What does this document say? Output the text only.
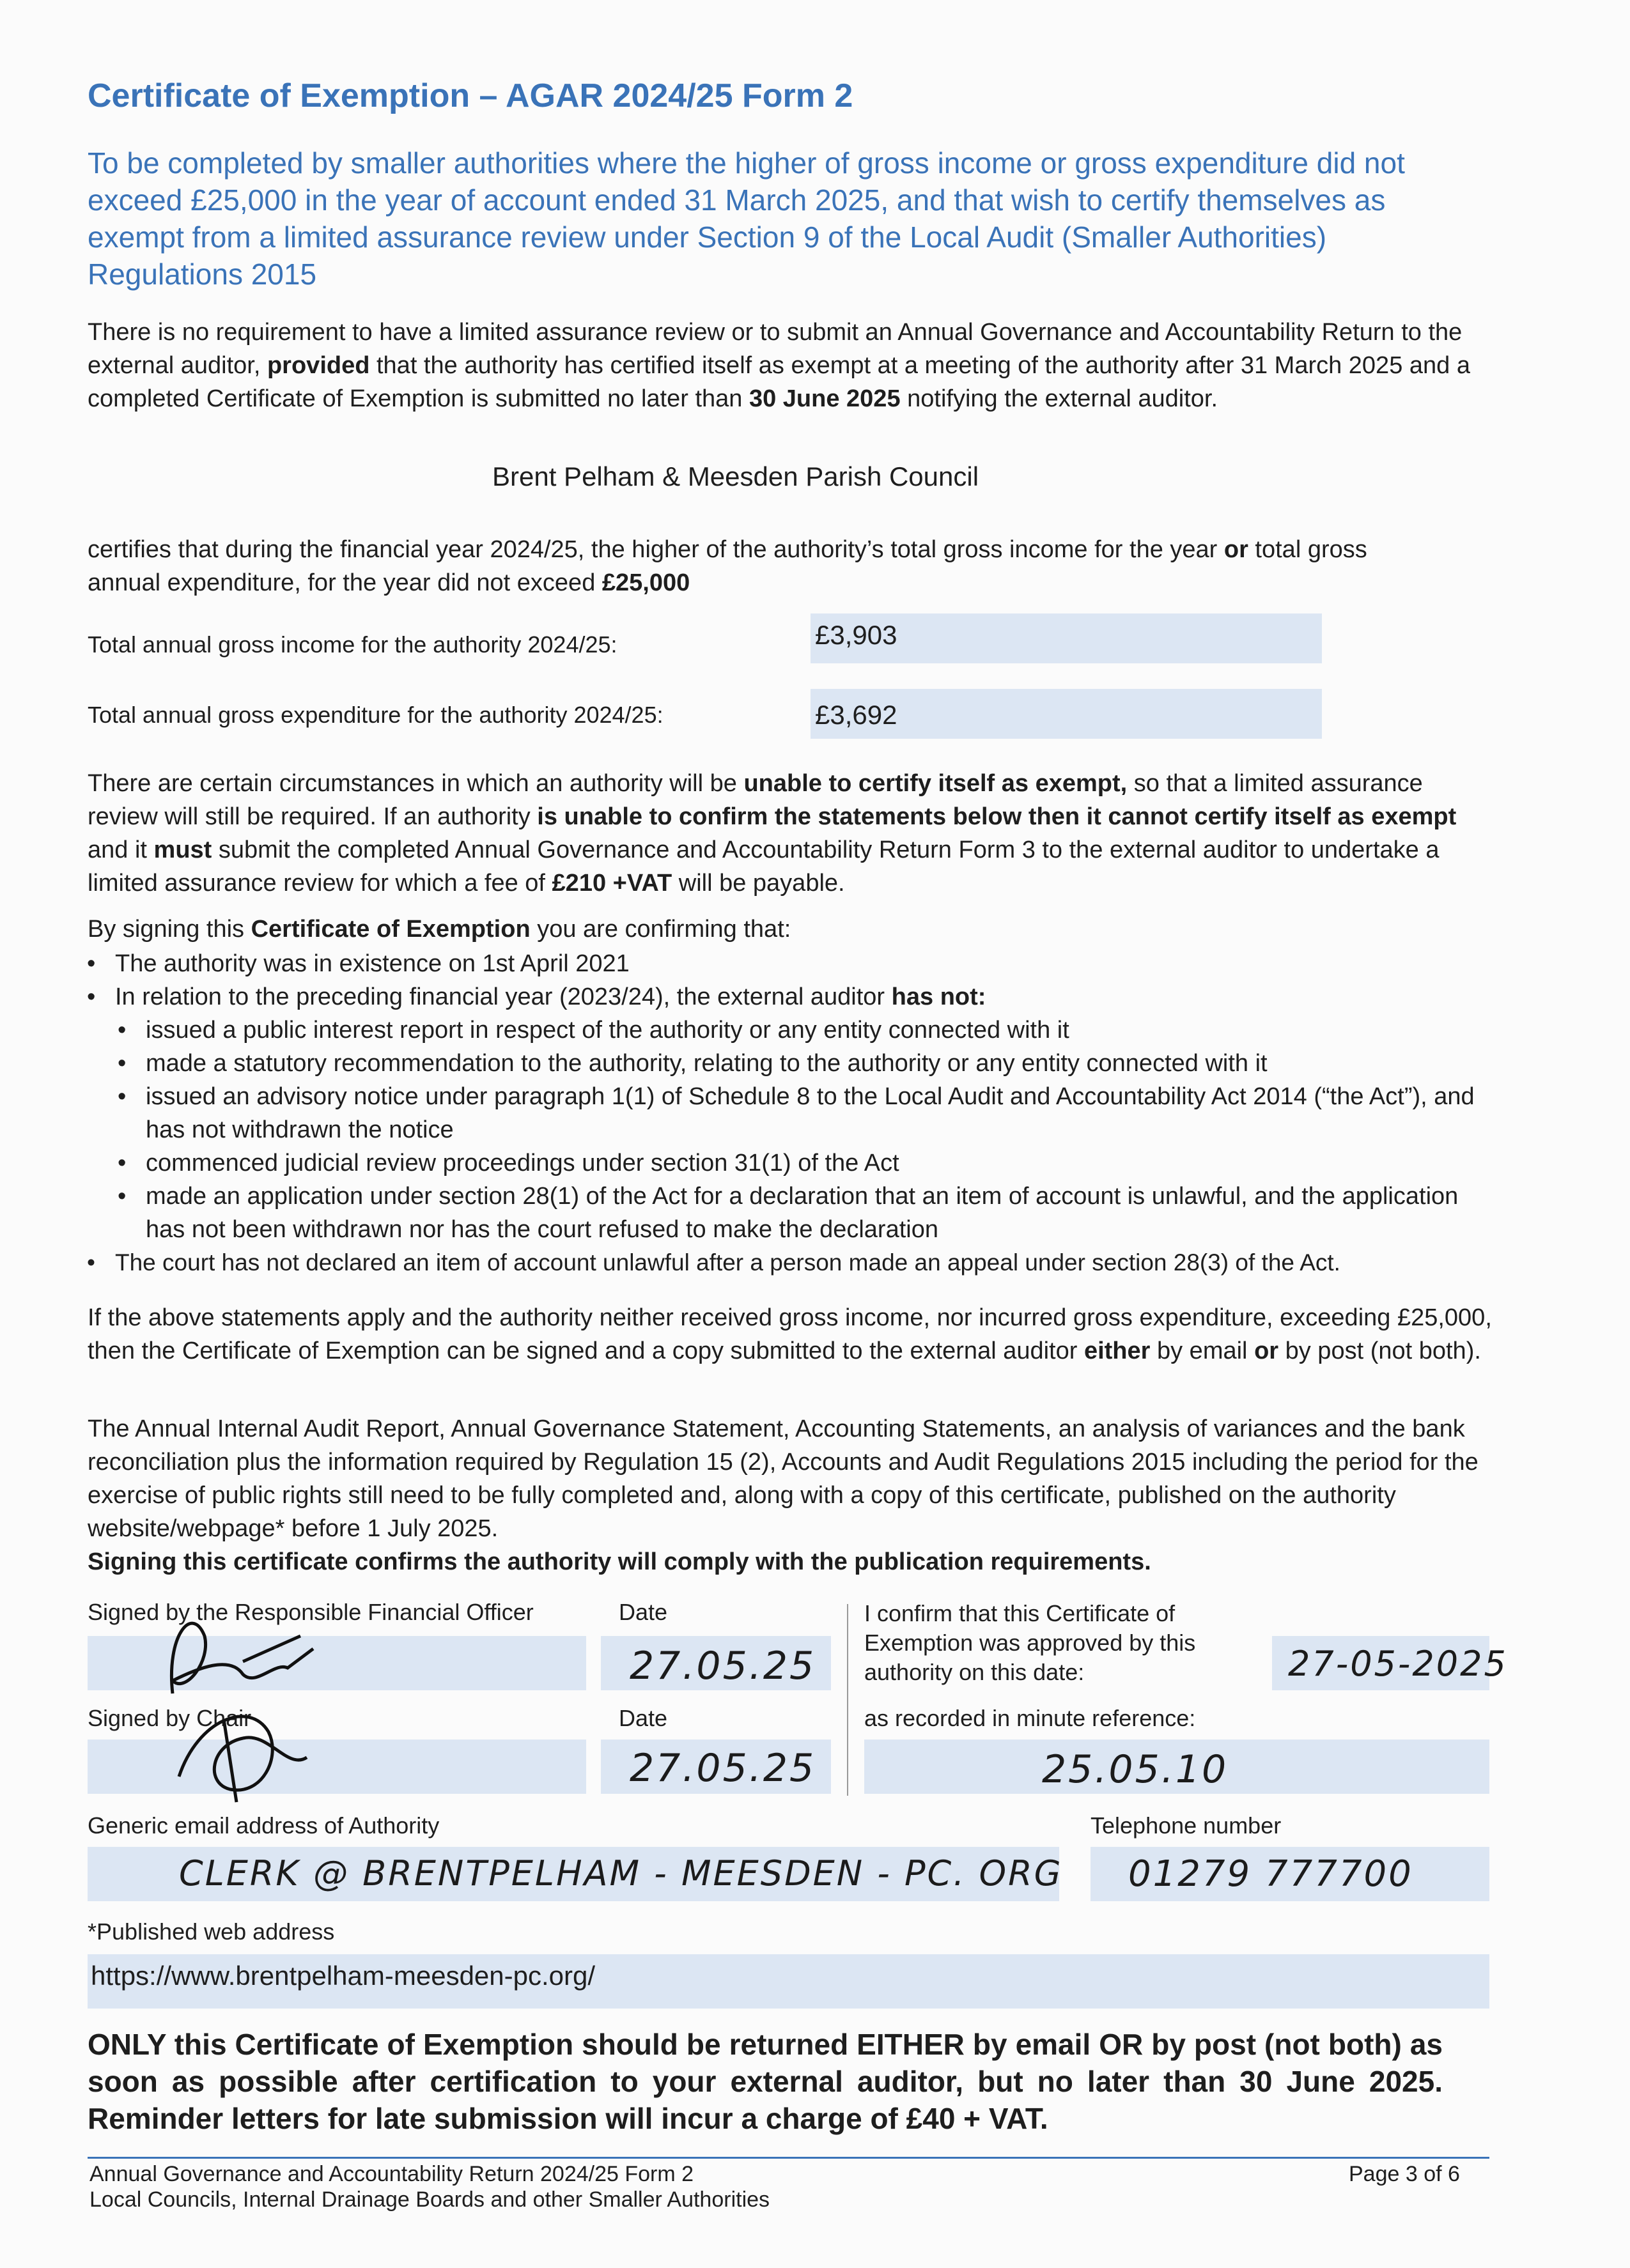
Certificate of Exemption – AGAR 2024/25 Form 2
To be completed by smaller authorities where the higher of gross income or gross expenditure did not exceed £25,000 in the year of account ended 31 March 2025, and that wish to certify themselves as exempt from a limited assurance review under Section 9 of the Local Audit (Smaller Authorities) Regulations 2015
There is no requirement to have a limited assurance review or to submit an Annual Governance and Accountability Return to the external auditor, provided that the authority has certified itself as exempt at a meeting of the authority after 31 March 2025 and a completed Certificate of Exemption is submitted no later than 30 June 2025 notifying the external auditor.
Brent Pelham & Meesden Parish Council
certifies that during the financial year 2024/25, the higher of the authority’s total gross income for the year or total gross annual expenditure, for the year did not exceed £25,000
Total annual gross income for the authority 2024/25:	£3,903
Total annual gross expenditure for the authority 2024/25:	£3,692
There are certain circumstances in which an authority will be unable to certify itself as exempt, so that a limited assurance review will still be required. If an authority is unable to confirm the statements below then it cannot certify itself as exempt and it must submit the completed Annual Governance and Accountability Return Form 3 to the external auditor to undertake a limited assurance review for which a fee of £210 +VAT will be payable.
By signing this Certificate of Exemption you are confirming that:
• The authority was in existence on 1st April 2021
• In relation to the preceding financial year (2023/24), the external auditor has not:
• issued a public interest report in respect of the authority or any entity connected with it
• made a statutory recommendation to the authority, relating to the authority or any entity connected with it
• issued an advisory notice under paragraph 1(1) of Schedule 8 to the Local Audit and Accountability Act 2014 (“the Act”), and has not withdrawn the notice
• commenced judicial review proceedings under section 31(1) of the Act
• made an application under section 28(1) of the Act for a declaration that an item of account is unlawful, and the application has not been withdrawn nor has the court refused to make the declaration
• The court has not declared an item of account unlawful after a person made an appeal under section 28(3) of the Act.
If the above statements apply and the authority neither received gross income, nor incurred gross expenditure, exceeding £25,000, then the Certificate of Exemption can be signed and a copy submitted to the external auditor either by email or by post (not both).
The Annual Internal Audit Report, Annual Governance Statement, Accounting Statements, an analysis of variances and the bank reconciliation plus the information required by Regulation 15 (2), Accounts and Audit Regulations 2015 including the period for the exercise of public rights still need to be fully completed and, along with a copy of this certificate, published on the authority website/webpage* before 1 July 2025.
Signing this certificate confirms the authority will comply with the publication requirements.
Signed by the Responsible Financial Officer	Date
27.05.25
I confirm that this Certificate of Exemption was approved by this authority on this date:	27-05-2025
Signed by Chair	Date
27.05.25
as recorded in minute reference:
25.05.10
Generic email address of Authority
CLERK @ BRENTPELHAM - MEESDEN - PC. ORG
Telephone number
01279 777700
*Published web address
https://www.brentpelham-meesden-pc.org/
ONLY this Certificate of Exemption should be returned EITHER by email OR by post (not both) as soon as possible after certification to your external auditor, but no later than 30 June 2025. Reminder letters for late submission will incur a charge of £40 + VAT.
Annual Governance and Accountability Return 2024/25 Form 2
Local Councils, Internal Drainage Boards and other Smaller Authorities
Page 3 of 6
